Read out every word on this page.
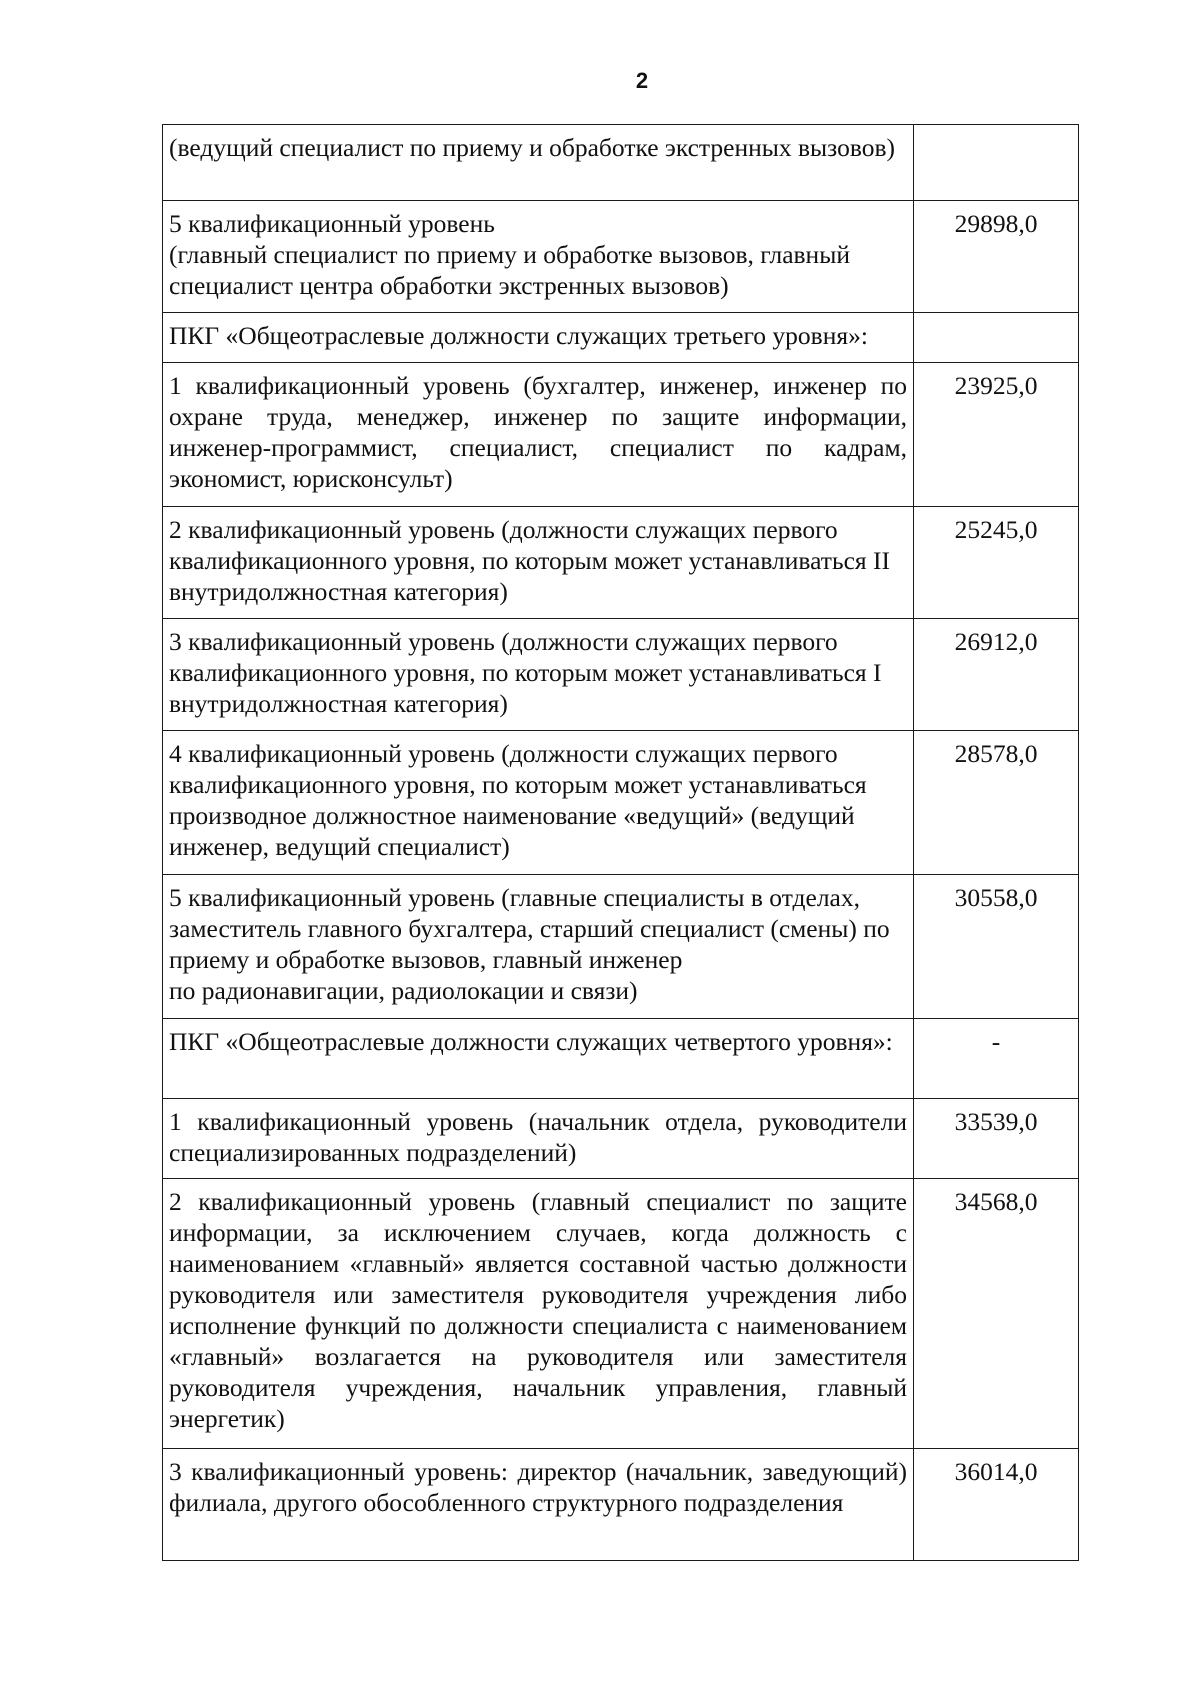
2
(ведущий специалист по приему и обработке экстренных вызовов)	
5 квалификационный уровень
(главный специалист по приему и обработке вызовов, главный специалист центра обработки экстренных вызовов)	29898,0
ПКГ «Общеотраслевые должности служащих третьего уровня»:	
1 квалификационный уровень (бухгалтер, инженер, инженер по охране труда, менеджер, инженер по защите информации, инженер-программист, специалист, специалист по кадрам, экономист, юрисконсульт)	23925,0
2 квалификационный уровень (должности служащих первого квалификационного уровня, по которым может устанавливаться II внутридолжностная категория)	25245,0
3 квалификационный уровень (должности служащих первого квалификационного уровня, по которым может устанавливаться I внутридолжностная категория)	26912,0
4 квалификационный уровень (должности служащих первого квалификационного уровня, по которым может устанавливаться производное должностное наименование «ведущий» (ведущий инженер, ведущий специалист)	28578,0
5 квалификационный уровень (главные специалисты в отделах, заместитель главного бухгалтера, старший специалист (смены) по приему и обработке вызовов, главный инженер
по радионавигации, радиолокации и связи)	30558,0
ПКГ «Общеотраслевые должности служащих четвертого уровня»:	-
1 квалификационный уровень (начальник отдела, руководители специализированных подразделений)	33539,0
2 квалификационный уровень (главный специалист по защите информации, за исключением случаев, когда должность с наименованием «главный» является составной частью должности руководителя или заместителя руководителя учреждения либо исполнение функций по должности специалиста с наименованием «главный» возлагается на руководителя или заместителя руководителя учреждения, начальник управления, главный энергетик)	34568,0
3 квалификационный уровень: директор (начальник, заведующий) филиала, другого обособленного структурного подразделения	36014,0
